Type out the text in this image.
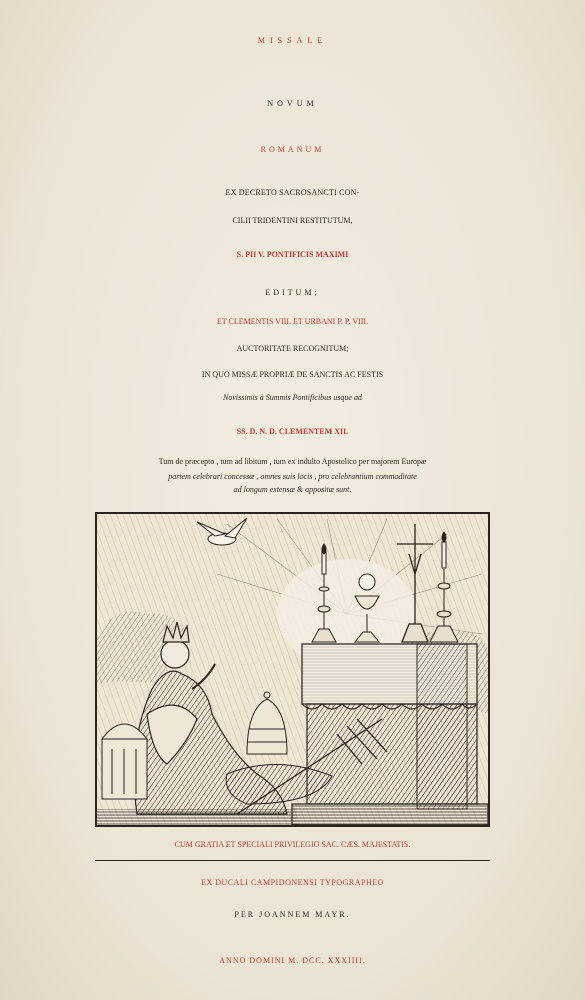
MISSALE
NOVUM
ROMANUM
EX DECRETO SACROSANCTI CON-
CILII TRIDENTINI RESTITUTUM,
S. PII V. PONTIFICIS MAXIMI
EDITUM;
ET CLEMENTIS VIII. ET URBANI P. P. VIII.
AUCTORITATE RECOGNITUM;
IN QUO MISSÆ PROPRIÆ DE SANCTIS AC FESTIS
Novissimis à Summis Pontificibus usque ad
SS. D. N. D. CLEMENTEM XII.
Tum de præcepto , tum ad libitum , tum ex indulto Apostolico per majorem Europæ
partem celebrari concessæ , omnes suis locis , pro celebrantium commoditate
ad longum extensæ & appositæ sunt.
CUM GRATIA ET SPECIALI PRIVILEGIO SAC. CÆS. MAJESTATIS.
EX DUCALI CAMPIDONENSI TYPOGRAPHEO
PER JOANNEM MAYR.
ANNO DOMINI M. DCC. XXXIIII.
